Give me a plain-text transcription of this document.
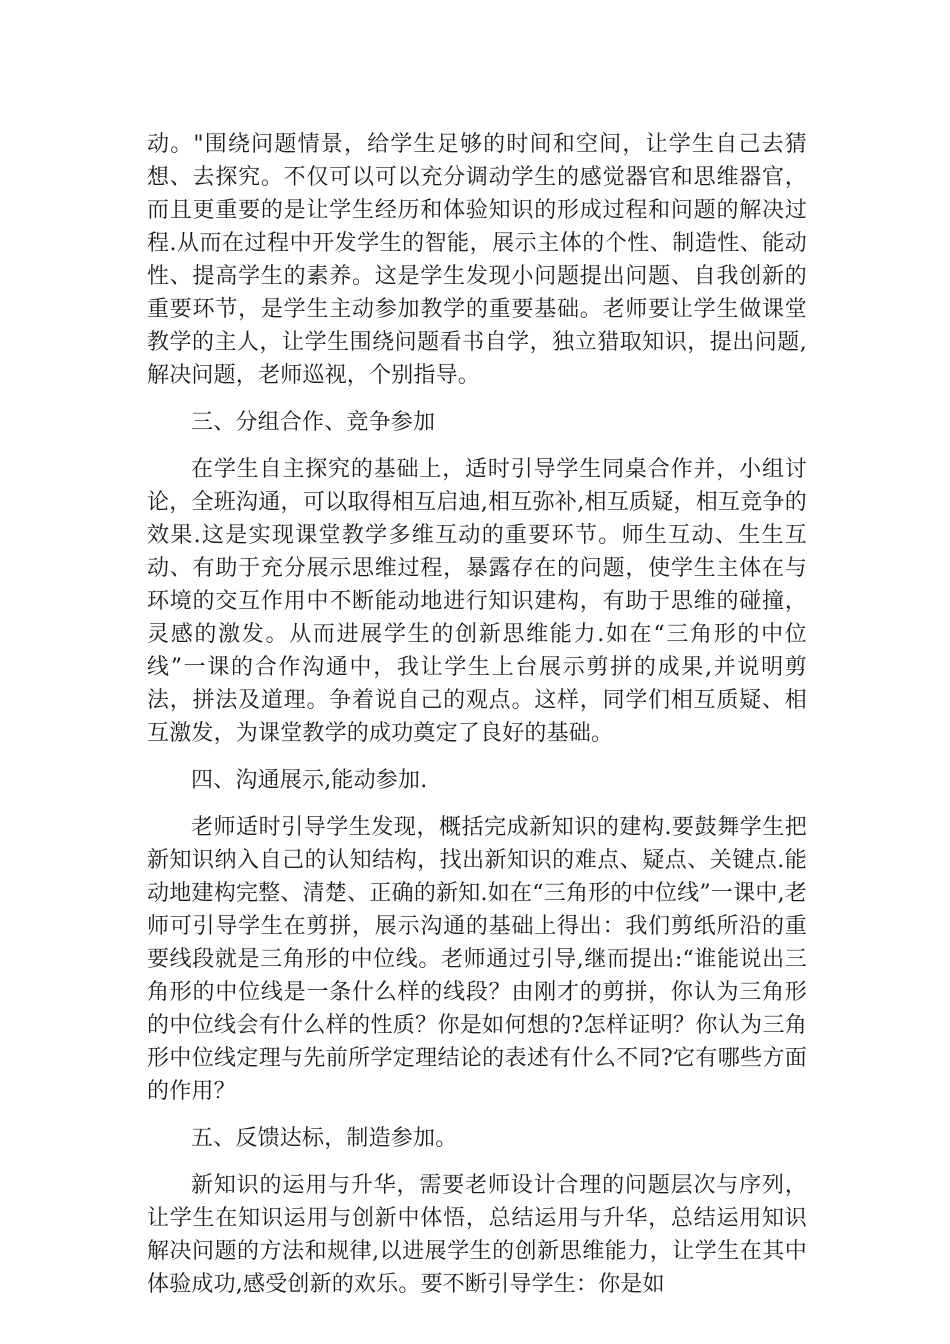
动。"围绕问题情景，给学生足够的时间和空间，让学生自己去猜想、去探究。不仅可以可以充分调动学生的感觉器官和思维器官，而且更重要的是让学生经历和体验知识的形成过程和问题的解决过程.从而在过程中开发学生的智能，展示主体的个性、制造性、能动性、提高学生的素养。这是学生发现小问题提出问题、自我创新的重要环节，是学生主动参加教学的重要基础。老师要让学生做课堂教学的主人，让学生围绕问题看书自学，独立猎取知识，提出问题,解决问题，老师巡视，个别指导。

三、分组合作、竞争参加

在学生自主探究的基础上，适时引导学生同桌合作并，小组讨论，全班沟通，可以取得相互启迪,相互弥补,相互质疑，相互竞争的效果.这是实现课堂教学多维互动的重要环节。师生互动、生生互动、有助于充分展示思维过程，暴露存在的问题，使学生主体在与环境的交互作用中不断能动地进行知识建构，有助于思维的碰撞，灵感的激发。从而进展学生的创新思维能力.如在“三角形的中位线”一课的合作沟通中，我让学生上台展示剪拼的成果,并说明剪法，拼法及道理。争着说自己的观点。这样，同学们相互质疑、相互激发，为课堂教学的成功奠定了良好的基础。

四、沟通展示,能动参加.

老师适时引导学生发现，概括完成新知识的建构.要鼓舞学生把新知识纳入自己的认知结构，找出新知识的难点、疑点、关键点.能动地建构完整、清楚、正确的新知.如在“三角形的中位线”一课中,老师可引导学生在剪拼，展示沟通的基础上得出：我们剪纸所沿的重要线段就是三角形的中位线。老师通过引导,继而提出:“谁能说出三角形的中位线是一条什么样的线段？由刚才的剪拼，你认为三角形的中位线会有什么样的性质？你是如何想的?怎样证明？你认为三角形中位线定理与先前所学定理结论的表述有什么不同?它有哪些方面的作用？

五、反馈达标，制造参加。

新知识的运用与升华，需要老师设计合理的问题层次与序列，让学生在知识运用与创新中体悟，总结运用与升华，总结运用知识解决问题的方法和规律,以进展学生的创新思维能力，让学生在其中体验成功,感受创新的欢乐。要不断引导学生：你是如
